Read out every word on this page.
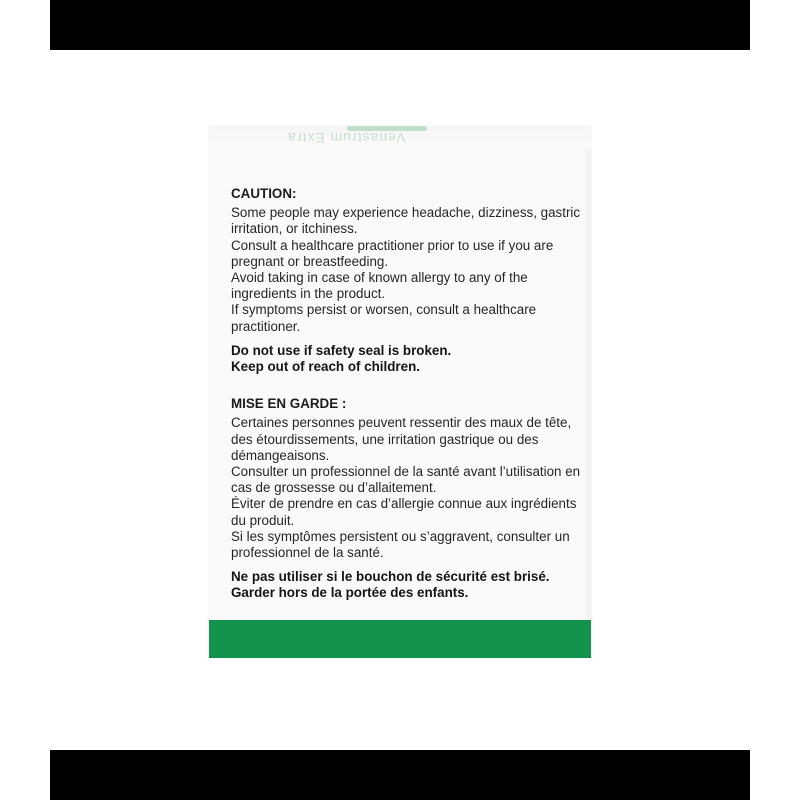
Venastrum Extra
CAUTION:

Some people may experience headache, dizziness, gastric irritation, or itchiness.

Consult a healthcare practitioner prior to use if you are pregnant or breastfeeding.

Avoid taking in case of known allergy to any of the ingredients in the product.

If symptoms persist or worsen, consult a healthcare practitioner.

Do not use if safety seal is broken.
Keep out of reach of children.
MISE EN GARDE :

Certaines personnes peuvent ressentir des maux de tête, des étourdissements, une irritation gastrique ou des démangeaisons.

Consulter un professionnel de la santé avant l’utilisation en cas de grossesse ou d’allaitement.

Éviter de prendre en cas d’allergie connue aux ingrédients du produit.

Si les symptômes persistent ou s’aggravent, consulter un professionnel de la santé.

Ne pas utiliser si le bouchon de sécurité est brisé.
Garder hors de la portée des enfants.
